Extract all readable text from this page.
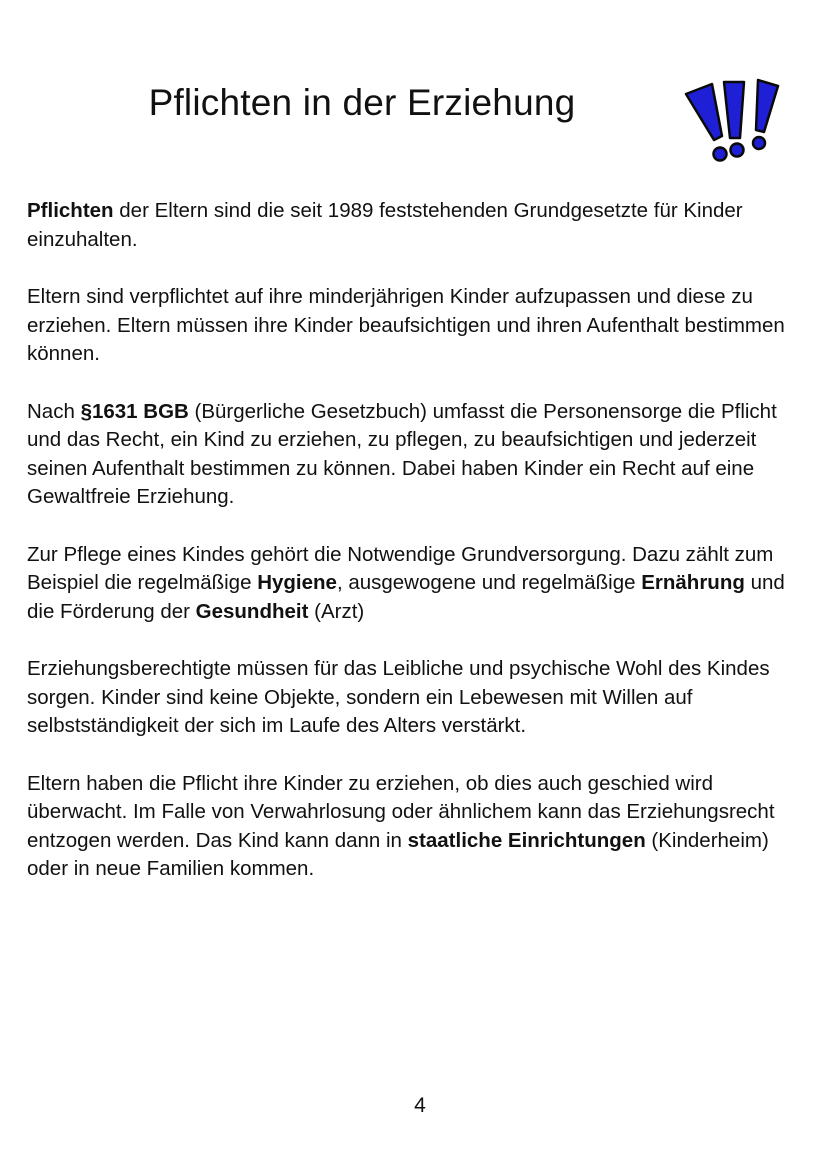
Pflichten in der Erziehung

Pflichten der Eltern sind die seit 1989 feststehenden Grundgesetzte für Kinder einzuhalten.

Eltern sind verpflichtet auf ihre minderjährigen Kinder aufzupassen und diese zu erziehen. Eltern müssen ihre Kinder beaufsichtigen und ihren Aufenthalt bestimmen können.

Nach §1631 BGB (Bürgerliche Gesetzbuch) umfasst die Personensorge die Pflicht und das Recht, ein Kind zu erziehen, zu pflegen, zu beaufsichtigen und jederzeit seinen Aufenthalt bestimmen zu können. Dabei haben Kinder ein Recht auf eine Gewaltfreie Erziehung.

Zur Pflege eines Kindes gehört die Notwendige Grundversorgung. Dazu zählt zum Beispiel die regelmäßige Hygiene, ausgewogene und regelmäßige Ernährung und die Förderung der Gesundheit (Arzt)

Erziehungsberechtigte müssen für das Leibliche und psychische Wohl des Kindes sorgen. Kinder sind keine Objekte, sondern ein Lebewesen mit Willen auf selbstständigkeit der sich im Laufe des Alters verstärkt.

Eltern haben die Pflicht ihre Kinder zu erziehen, ob dies auch geschied wird überwacht. Im Falle von Verwahrlosung oder ähnlichem kann das Erziehungsrecht entzogen werden. Das Kind kann dann in staatliche Einrichtungen (Kinderheim) oder in neue Familien kommen.

4
